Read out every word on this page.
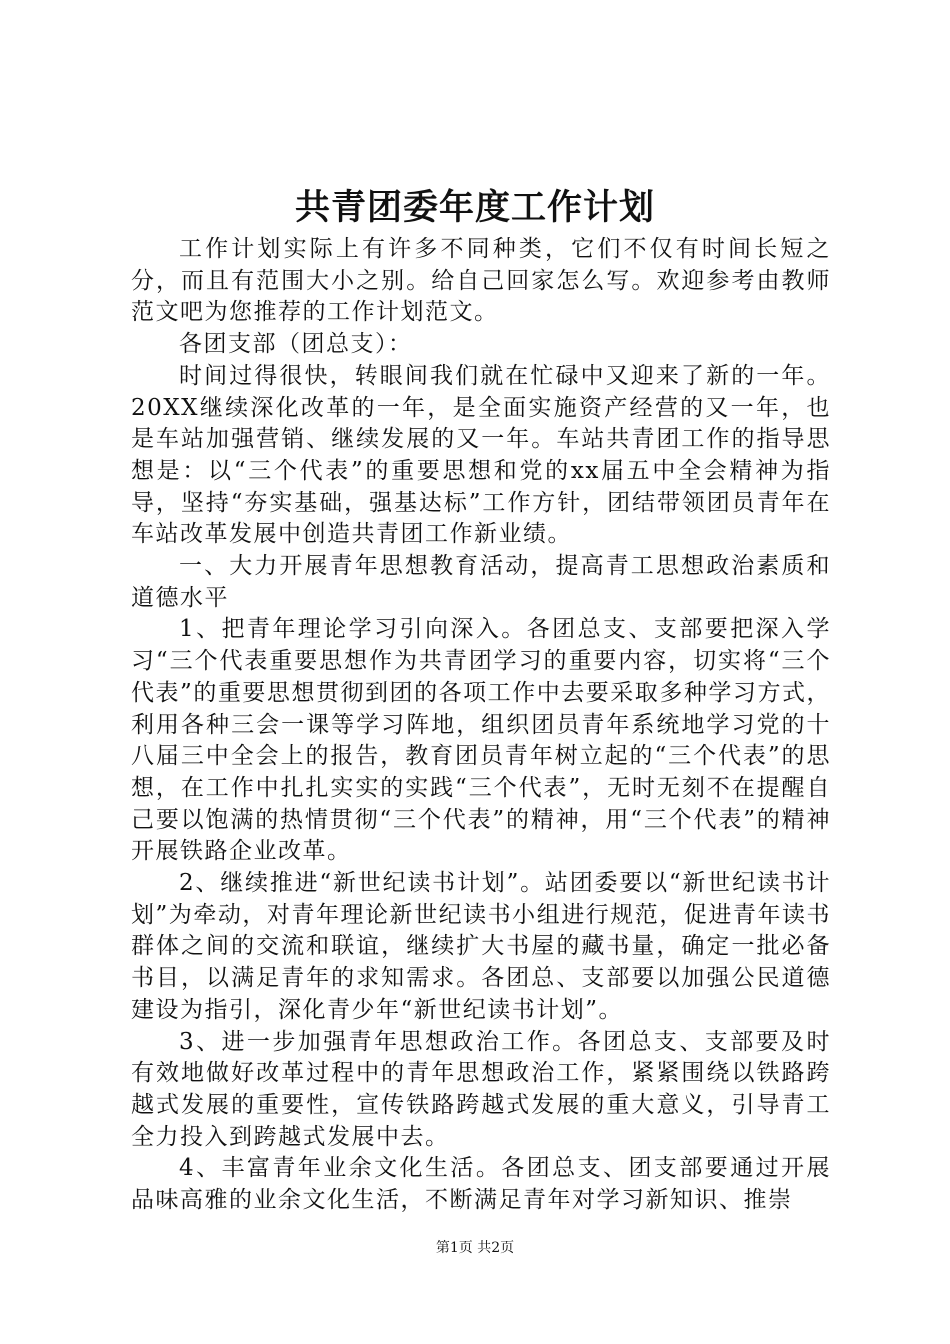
共青团委年度工作计划

工作计划实际上有许多不同种类，它们不仅有时间长短之分，而且有范围大小之别。给自己回家怎么写。欢迎参考由教师范文吧为您推荐的工作计划范文。

各团支部（团总支）：

时间过得很快，转眼间我们就在忙碌中又迎来了新的一年。20XX继续深化改革的一年，是全面实施资产经营的又一年，也是车站加强营销、继续发展的又一年。车站共青团工作的指导思想是：以“三个代表”的重要思想和党的xx届五中全会精神为指导，坚持“夯实基础，强基达标”工作方针，团结带领团员青年在车站改革发展中创造共青团工作新业绩。

一、大力开展青年思想教育活动，提高青工思想政治素质和道德水平

1、把青年理论学习引向深入。各团总支、支部要把深入学习“三个代表重要思想作为共青团学习的重要内容，切实将“三个代表”的重要思想贯彻到团的各项工作中去要采取多种学习方式，利用各种三会一课等学习阵地，组织团员青年系统地学习党的十八届三中全会上的报告，教育团员青年树立起的“三个代表”的思想，在工作中扎扎实实的实践“三个代表”，无时无刻不在提醒自己要以饱满的热情贯彻“三个代表”的精神，用“三个代表”的精神开展铁路企业改革。

2、继续推进“新世纪读书计划”。站团委要以“新世纪读书计划”为牵动，对青年理论新世纪读书小组进行规范，促进青年读书群体之间的交流和联谊，继续扩大书屋的藏书量，确定一批必备书目，以满足青年的求知需求。各团总、支部要以加强公民道德建设为指引，深化青少年“新世纪读书计划”。

3、进一步加强青年思想政治工作。各团总支、支部要及时有效地做好改革过程中的青年思想政治工作，紧紧围绕以铁路跨越式发展的重要性，宣传铁路跨越式发展的重大意义，引导青工全力投入到跨越式发展中去。

4、丰富青年业余文化生活。各团总支、团支部要通过开展品味高雅的业余文化生活，不断满足青年对学习新知识、推崇

第1页 共2页
